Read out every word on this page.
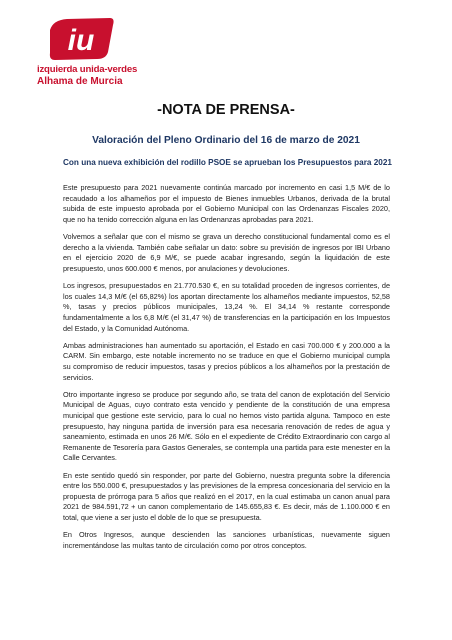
iu
izquierda unida-verdes
Alhama de Murcia
-NOTA DE PRENSA-
Valoración del Pleno Ordinario del 16 de marzo de 2021

Con una nueva exhibición del rodillo PSOE se aprueban los Presupuestos para 2021

Este presupuesto para 2021 nuevamente continúa marcado por incremento en casi 1,5 M/€ de lo recaudado a los alhameños por el impuesto de Bienes inmuebles Urbanos, derivada de la brutal subida de este impuesto aprobada por el Gobierno Municipal con las Ordenanzas Fiscales 2020, que no ha tenido corrección alguna en las Ordenanzas aprobadas para 2021.

Volvemos a señalar que con el mismo se grava un derecho constitucional fundamental como es el derecho a la vivienda. También cabe señalar un dato: sobre su previsión de ingresos por IBI Urbano en el ejercicio 2020 de 6,9 M/€, se puede acabar ingresando, según la liquidación de este presupuesto, unos 600.000 € menos, por anulaciones y devoluciones.

Los ingresos, presupuestados en 21.770.530 €, en su totalidad proceden de ingresos corrientes, de los cuales 14,3 M/€ (el 65,82%) los aportan directamente los alhameños mediante impuestos, 52,58 %, tasas y precios públicos municipales, 13,24 %. El 34,14 % restante corresponde fundamentalmente a los 6,8 M/€ (el 31,47 %) de transferencias en la participación en los Impuestos del Estado, y la Comunidad Autónoma.

Ambas administraciones han aumentado su aportación, el Estado en casi 700.000 € y 200.000 a la CARM. Sin embargo, este notable incremento no se traduce en que el Gobierno municipal cumpla su compromiso de reducir impuestos, tasas y precios públicos a los alhameños por la prestación de servicios.

Otro importante ingreso se produce por segundo año, se trata del canon de explotación del Servicio Municipal de Aguas, cuyo contrato esta vencido y pendiente de la constitución de una empresa municipal que gestione este servicio, para lo cual no hemos visto partida alguna. Tampoco en este presupuesto, hay ninguna partida de inversión para esa necesaria renovación de redes de agua y saneamiento, estimada en unos 26 M/€. Sólo en el expediente de Crédito Extraordinario con cargo al Remanente de Tesorería para Gastos Generales, se contempla una partida para este menester en la Calle Cervantes.

En este sentido quedó sin responder, por parte del Gobierno, nuestra pregunta sobre la diferencia entre los 550.000 €, presupuestados y las previsiones de la empresa concesionaria del servicio en la propuesta de prórroga para 5 años que realizó en el 2017, en la cual estimaba un canon anual para 2021 de 984.591,72 + un canon complementario de 145.655,83 €. Es decir, más de 1.100.000 € en total, que viene a ser justo el doble de lo que se presupuesta.

En Otros Ingresos, aunque descienden las sanciones urbanísticas, nuevamente siguen incrementándose las multas tanto de circulación como por otros conceptos.
